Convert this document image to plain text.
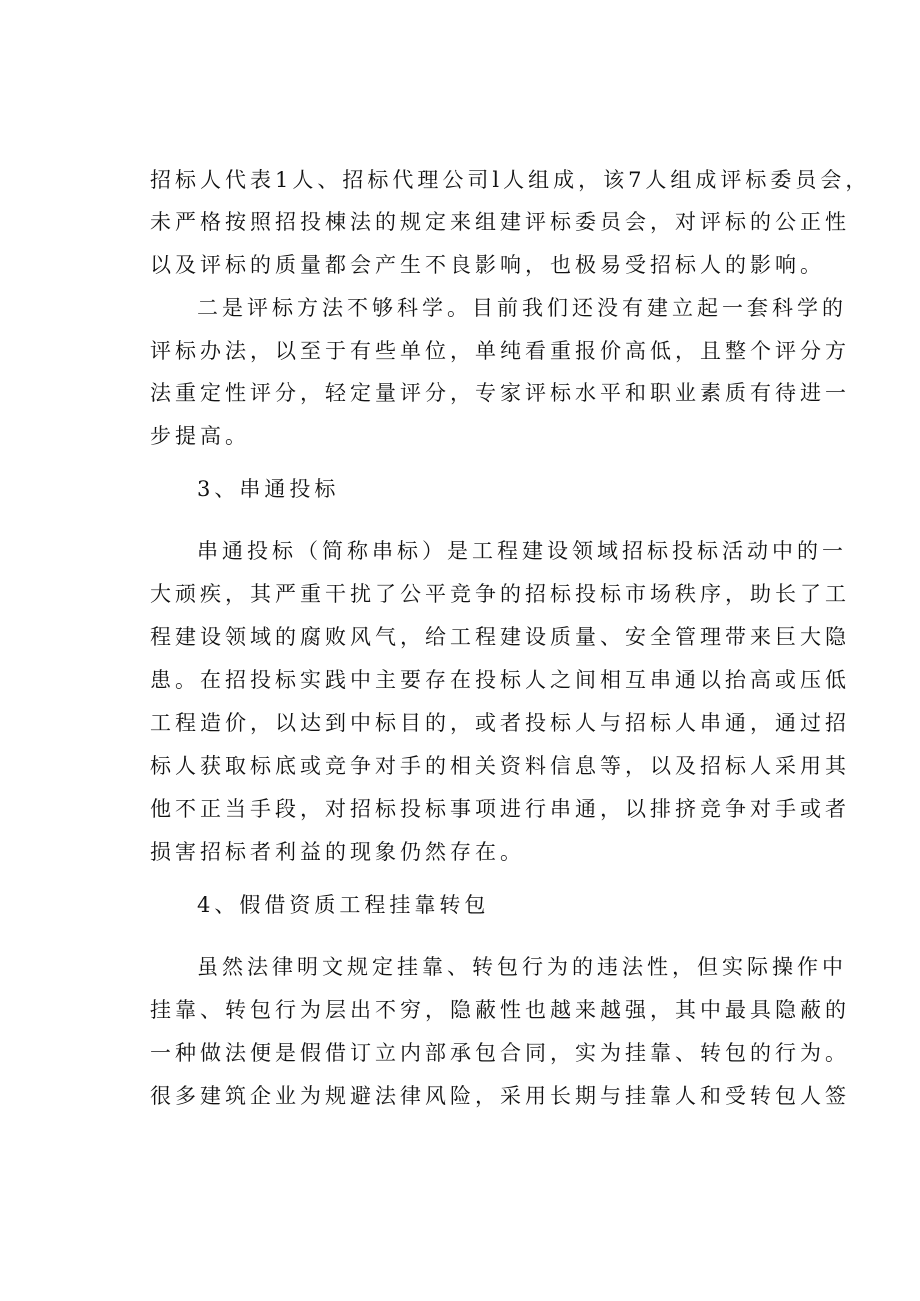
招标人代表1人、招标代理公司l人组成，该7人组成评标委员会，
未严格按照招投棟法的规定来组建评标委员会，对评标的公正性
以及评标的质量都会产生不良影响，也极易受招标人的影响。
二是评标方法不够科学。目前我们还没有建立起一套科学的
评标办法，以至于有些单位，单纯看重报价高低，且整个评分方
法重定性评分，轻定量评分，专家评标水平和职业素质有待进一
步提高。
3、串通投标
串通投标（简称串标）是工程建设领域招标投标活动中的一
大顽疾，其严重干扰了公平竞争的招标投标市场秩序，助长了工
程建设领域的腐败风气，给工程建设质量、安全管理带来巨大隐
患。在招投标实践中主要存在投标人之间相互串通以抬高或压低
工程造价，以达到中标目的，或者投标人与招标人串通，通过招
标人获取标底或竞争对手的相关资料信息等，以及招标人采用其
他不正当手段，对招标投标事项进行串通，以排挤竞争对手或者
损害招标者利益的现象仍然存在。
4、假借资质工程挂靠转包
虽然法律明文规定挂靠、转包行为的违法性，但实际操作中
挂靠、转包行为层出不穷，隐蔽性也越来越强，其中最具隐蔽的
一种做法便是假借订立内部承包合同，实为挂靠、转包的行为。
很多建筑企业为规避法律风险，采用长期与挂靠人和受转包人签
